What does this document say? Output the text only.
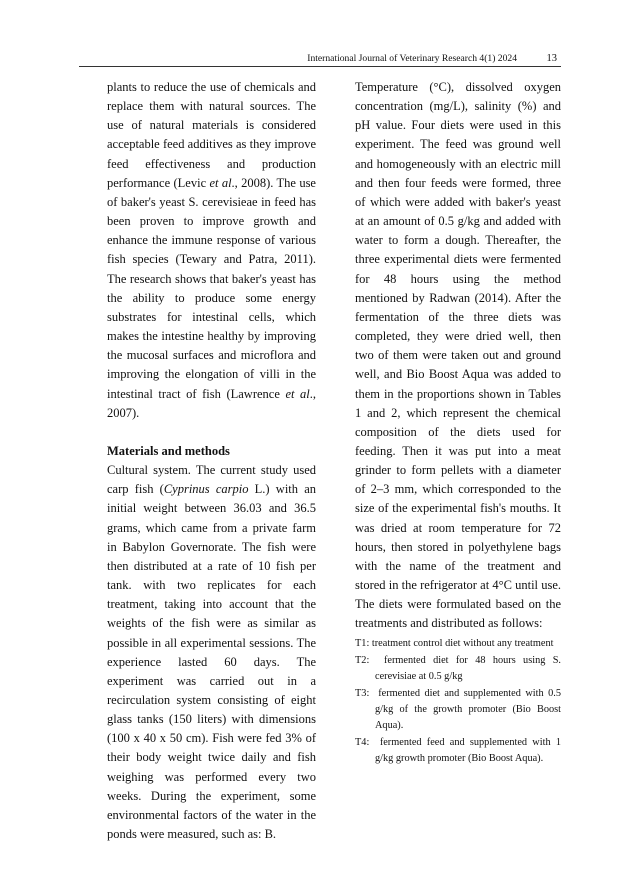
International Journal of Veterinary Research 4(1) 2024	13

plants to reduce the use of chemicals and replace them with natural sources. The use of natural materials is considered acceptable feed additives as they improve feed effectiveness and production performance (Levic et al., 2008). The use of baker's yeast S. cerevisieae in feed has been proven to improve growth and enhance the immune response of various fish species (Tewary and Patra, 2011). The research shows that baker's yeast has the ability to produce some energy substrates for intestinal cells, which makes the intestine healthy by improving the mucosal surfaces and microflora and improving the elongation of villi in the intestinal tract of fish (Lawrence et al., 2007).

Materials and methods

Cultural system. The current study used carp fish (Cyprinus carpio L.) with an initial weight between 36.03 and 36.5 grams, which came from a private farm in Babylon Governorate. The fish were then distributed at a rate of 10 fish per tank. with two replicates for each treatment, taking into account that the weights of the fish were as similar as possible in all experimental sessions. The experience lasted 60 days. The experiment was carried out in a recirculation system consisting of eight glass tanks (150 liters) with dimensions (100 x 40 x 50 cm). Fish were fed 3% of their body weight twice daily and fish weighing was performed every two weeks. During the experiment, some environmental factors of the water in the ponds were measured, such as: B.

Temperature (°C), dissolved oxygen concentration (mg/L), salinity (%) and pH value. Four diets were used in this experiment. The feed was ground well and homogeneously with an electric mill and then four feeds were formed, three of which were added with baker's yeast at an amount of 0.5 g/kg and added with water to form a dough. Thereafter, the three experimental diets were fermented for 48 hours using the method mentioned by Radwan (2014). After the fermentation of the three diets was completed, they were dried well, then two of them were taken out and ground well, and Bio Boost Aqua was added to them in the proportions shown in Tables 1 and 2, which represent the chemical composition of the diets used for feeding. Then it was put into a meat grinder to form pellets with a diameter of 2–3 mm, which corresponded to the size of the experimental fish's mouths. It was dried at room temperature for 72 hours, then stored in polyethylene bags with the name of the treatment and stored in the refrigerator at 4°C until use. The diets were formulated based on the treatments and distributed as follows:

T1:
treatment control diet without any treatment
T2: fermented diet for 48 hours using S. cerevisiae at 0.5 g/kg
T3: fermented diet and supplemented with 0.5 g/kg of the growth promoter (Bio Boost Aqua).
T4: fermented feed and supplemented with 1 g/kg growth promoter (Bio Boost Aqua).
